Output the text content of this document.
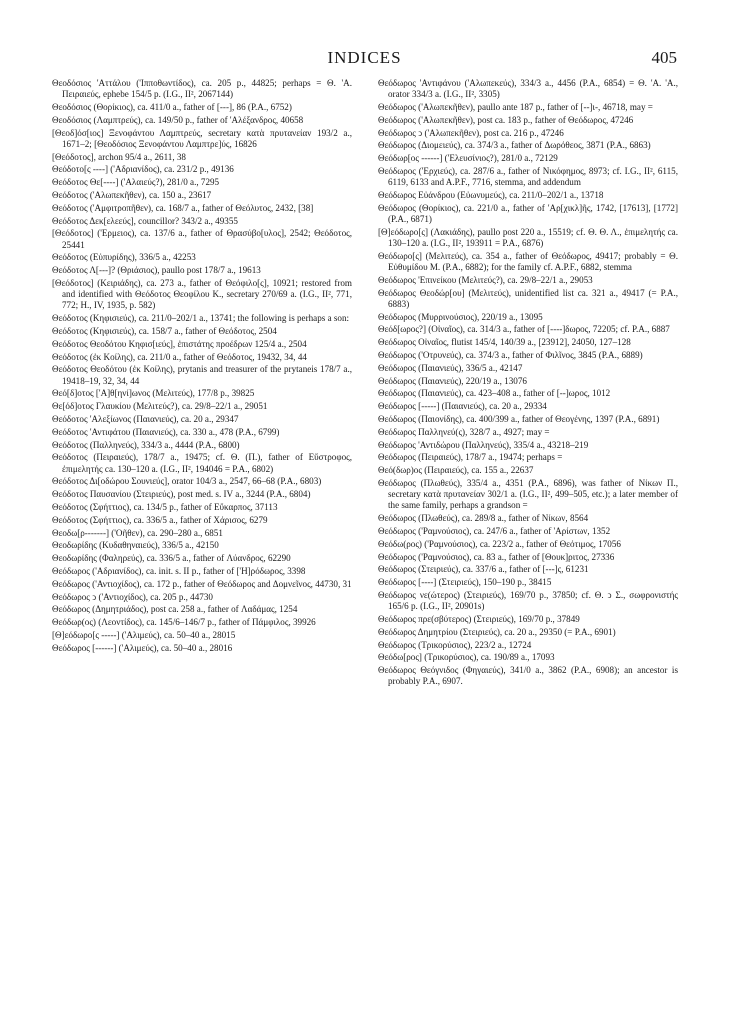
INDICES	405

Θεοδόσιος 'Αττάλου ('Ιπποθωντίδος), ca. 205 p., 44825; perhaps = Θ. 'Α. Πειραιεύς, ephebe 154/5 p. (I.G., II², 2067144)

Θεοδόσιος (Θορίκιος), ca. 411/0 a., father of [---], 86 (P.A., 6752)

Θεοδόσιος (Λαμπτρεύς), ca. 149/50 p., father of 'Αλέξανδρος, 40658

[Θεοδ]όσ[ιος] Ξενοφάντου Λαμπτρεύς, secretary κατὰ πρυτανείαν 193/2 a., 1671–2; [Θεοδόσιος Ξενοφάντου Λαμπτρε]ύς, 16826

[Θεόδοτος], archon 95/4 a., 2611, 38

Θεόδοτο[ς ----] ('Αδριανίδος), ca. 231/2 p., 49136

Θεόδοτος Θε[----] ('Αλαιεύς?), 281/0 a., 7295

Θεόδοτος ('Αλωπεκῆθεν), ca. 150 a., 23617

Θεόδοτος ('Αμφιτροπῆθεν), ca. 168/7 a., father of Θεόλυτος, 2432, [38]

Θεόδοτος Δεκ[ελεεύς], councillor? 343/2 a., 49355

[Θεόδοτος] ('Ερμειος), ca. 137/6 a., father of Θρασύβο[υλος], 2542; Θεόδοτος, 25441

Θεόδοτος (Εὐπυρίδης), 336/5 a., 42253

Θεόδοτος Λ[---]? (Θριάσιος), paullo post 178/7 a., 19613

[Θεόδοτος] (Κειριάδης), ca. 273 a., father of Θεόφιλο[ς], 10921; restored from and identified with Θεόδοτος Θεοφίλου Κ., secretary 270/69 a. (I.G., II², 771, 772; H., IV, 1935, p. 582)

Θεόδοτος (Κηφισιεύς), ca. 211/0–202/1 a., 13741; the following is perhaps a son:

Θεόδοτος (Κηφισιεύς), ca. 158/7 a., father of Θεόδοτος, 2504

Θεόδοτος Θεοδότου Κηφισ[ιεύς], ἐπιστάτης προέδρων 125/4 a., 2504

Θεόδοτος (ἐκ Κοίλης), ca. 211/0 a., father of Θεόδοτος, 19432, 34, 44

Θεόδοτος Θεοδότου (ἐκ Κοίλης), prytanis and treasurer of the prytaneis 178/7 a., 19418–19, 32, 34, 44

Θεό[δ]οτος ['Α]θ[ηνί]ωνος (Μελιτεύς), 177/8 p., 39825

Θε[όδ]οτος Γλαυκίου (Μελιτεύς?), ca. 29/8–22/1 a., 29051

Θεόδοτος 'Αλεξίωνος (Παιανιεύς), ca. 20 a., 29347

Θεόδοτος 'Αντιφάτου (Παιανιεύς), ca. 330 a., 478 (P.A., 6799)

Θεόδοτος (Παλληνεύς), 334/3 a., 4444 (P.A., 6800)

Θεόδοτος (Πειραιεύς), 178/7 a., 19475; cf. Θ. (Π.), father of Εὔστροφος, ἐπιμελητής ca. 130–120 a. (I.G., II², 194046 = P.A., 6802)

Θεόδοτος Δι[οδώρου Σουνιεύς], orator 104/3 a., 2547, 66–68 (P.A., 6803)

Θεόδοτος Παυσανίου (Στειριεύς), post med. s. IV a., 3244 (P.A., 6804)

Θεόδοτος (Σφήττιος), ca. 134/5 p., father of Εὔκαρπος, 37113

Θεόδοτος (Σφήττιος), ca. 336/5 a., father of Χάρισος, 6279

Θεοδω[ρ-------] ('Οῆθεν), ca. 290–280 a., 6851

Θεοδωρίδης (Κυδαθηναιεύς), 336/5 a., 42150

Θεοδωρίδης (Φαληρεύς), ca. 336/5 a., father of Λύανδρος, 62290

Θεόδωρος ('Αδριανίδος), ca. init. s. II p., father of ['Η]ρόδωρος, 3398

Θεόδωρος ('Αντιοχίδος), ca. 172 p., father of Θεόδωρος and Δομνεῖνος, 44730, 31

Θεόδωρος ↄ ('Αντιοχίδος), ca. 205 p., 44730

Θεόδωρος (Δημητριάδος), post ca. 258 a., father of Λαδάμας, 1254

Θεόδωρ(ος) (Λεοντίδος), ca. 145/6–146/7 p., father of Πάμφιλος, 39926

[Θ]εόδωρο[ς -----] ('Αλιμεύς), ca. 50–40 a., 28015

Θεόδωρος [------] ('Αλιμεύς), ca. 50–40 a., 28016

Θεόδωρος 'Αντιφάνου ('Αλωπεκεύς), 334/3 a., 4456 (P.A., 6854) = Θ. 'Α. 'Α., orator 334/3 a. (I.G., II², 3305)

Θεόδωρος ('Αλωπεκῆθεν), paullo ante 187 p., father of [--]ι-, 46718, may =

Θεόδωρος ('Αλωπεκῆθεν), post ca. 183 p., father of Θεόδωρος, 47246

Θεόδωρος ↄ ('Αλωπεκῆθεν), post ca. 216 p., 47246

Θεόδωρος (Διομειεύς), ca. 374/3 a., father of Δωρόθεος, 3871 (P.A., 6863)

Θεόδωρ[ος ------] ('Ελευσίνιος?), 281/0 a., 72129

Θεόδωρος ('Ερχιεύς), ca. 287/6 a., father of Νικόφημος, 8973; cf. I.G., II², 6115, 6119, 6133 and A.P.F., 7716, stemma, and addendum

Θεόδωρος Εὐάνδρου (Εὐωνυμεύς), ca. 211/0–202/1 a., 13718

Θεόδωρος (Θορίκιος), ca. 221/0 a., father of 'Αρ[χικλ]ῆς, 1742, [17613], [1772] (P.A., 6871)

[Θ]εόδωρο[ς] (Λακιάδης), paullo post 220 a., 15519; cf. Θ. Θ. Λ., ἐπιμελητής ca. 130–120 a. (I.G., II², 193911 = P.A., 6876)

Θεόδωρο[ς] (Μελιτεύς), ca. 354 a., father of Θεόδωρος, 49417; probably = Θ. Εὐθυμίδου Μ. (P.A., 6882); for the family cf. A.P.F., 6882, stemma

Θεόδωρος 'Επινείκου (Μελιτεύς?), ca. 29/8–22/1 a., 29053

Θεόδωρος Θεοδώρ[ου] (Μελιτεύς), unidentified list ca. 321 a., 49417 (= P.A., 6883)

Θεόδωρος (Μυρρινούσιος), 220/19 a., 13095

Θεόδ[ωρος?] (Οἰναῖος), ca. 314/3 a., father of [----]δωρος, 72205; cf. P.A., 6887

Θεόδωρος Οἰναῖος, flutist 145/4, 140/39 a., [23912], 24050, 127–128

Θεόδωρος ('Οτρυνεύς), ca. 374/3 a., father of Φιλῖνος, 3845 (P.A., 6889)

Θεόδωρος (Παιανιεύς), 336/5 a., 42147

Θεόδωρος (Παιανιεύς), 220/19 a., 13076

Θεόδωρος (Παιανιεύς), ca. 423–408 a., father of [--]ωρος, 1012

Θεόδωρος [-----] (Παιανιεύς), ca. 20 a., 29334

Θεόδωρος (Παιονίδης), ca. 400/399 a., father of Θεογένης, 1397 (P.A., 6891)

Θεόδωρος Παλληνεύ(ς), 328/7 a., 4927; may =

Θεόδωρος 'Αντιδώρου (Παλληνεύς), 335/4 a., 43218–219

Θεόδωρος (Πειραιεύς), 178/7 a., 19474; perhaps =

Θεό(δωρ)ος (Πειραιεύς), ca. 155 a., 22637

Θεόδωρος (Πλωθεύς), 335/4 a., 4351 (P.A., 6896), was father of Νίκων Π., secretary κατὰ πρυτανείαν 302/1 a. (I.G., II², 499–505, etc.); a later member of the same family, perhaps a grandson =

Θεόδωρος (Πλωθεύς), ca. 289/8 a., father of Νίκων, 8564

Θεόδωρος ('Ραμνούσιος), ca. 247/6 a., father of 'Αρίστων, 1352

Θεόδω(ρος) ('Ραμνούσιος), ca. 223/2 a., father of Θεότιμος, 17056

Θεόδωρος ('Ραμνούσιος), ca. 83 a., father of [Θουκ]ριτος, 27336

Θεόδωρος (Στειριεύς), ca. 337/6 a., father of [---]ς, 61231

Θεόδωρος [----] (Στειριεύς), 150–190 p., 38415

Θεόδωρος νε(ώτερος) (Στειριεύς), 169/70 p., 37850; cf. Θ. ↄ Σ., σωφρονιστής 165/6 p. (I.G., II², 20901s)

Θεόδωρος πρε(σβύτερος) (Στειριεύς), 169/70 p., 37849

Θεόδωρος Δημητρίου (Στειριεύς), ca. 20 a., 29350 (= P.A., 6901)

Θεόδωρος (Τρικορύσιος), 223/2 a., 12724

Θεόδω[ρος] (Τρικορύσιος), ca. 190/89 a., 17093

Θεόδωρος Θεόγνιδος (Φηγαιεύς), 341/0 a., 3862 (P.A., 6908); an ancestor is probably P.A., 6907.
